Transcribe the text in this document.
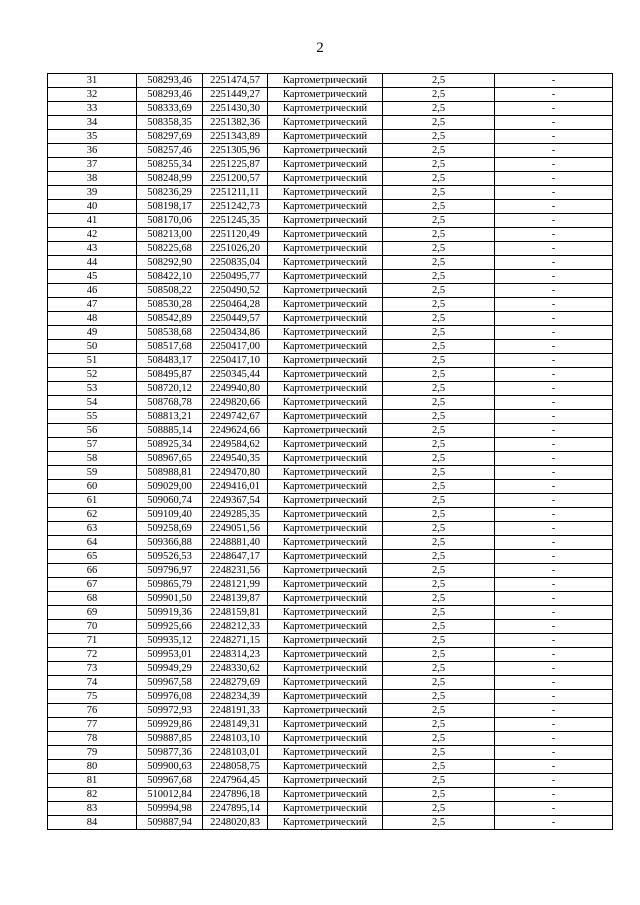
2
31	508293,46	2251474,57	Картометрический	2,5	-
32	508293,46	2251449,27	Картометрический	2,5	-
33	508333,69	2251430,30	Картометрический	2,5	-
34	508358,35	2251382,36	Картометрический	2,5	-
35	508297,69	2251343,89	Картометрический	2,5	-
36	508257,46	2251305,96	Картометрический	2,5	-
37	508255,34	2251225,87	Картометрический	2,5	-
38	508248,99	2251200,57	Картометрический	2,5	-
39	508236,29	2251211,11	Картометрический	2,5	-
40	508198,17	2251242,73	Картометрический	2,5	-
41	508170,06	2251245,35	Картометрический	2,5	-
42	508213,00	2251120,49	Картометрический	2,5	-
43	508225,68	2251026,20	Картометрический	2,5	-
44	508292,90	2250835,04	Картометрический	2,5	-
45	508422,10	2250495,77	Картометрический	2,5	-
46	508508,22	2250490,52	Картометрический	2,5	-
47	508530,28	2250464,28	Картометрический	2,5	-
48	508542,89	2250449,57	Картометрический	2,5	-
49	508538,68	2250434,86	Картометрический	2,5	-
50	508517,68	2250417,00	Картометрический	2,5	-
51	508483,17	2250417,10	Картометрический	2,5	-
52	508495,87	2250345,44	Картометрический	2,5	-
53	508720,12	2249940,80	Картометрический	2,5	-
54	508768,78	2249820,66	Картометрический	2,5	-
55	508813,21	2249742,67	Картометрический	2,5	-
56	508885,14	2249624,66	Картометрический	2,5	-
57	508925,34	2249584,62	Картометрический	2,5	-
58	508967,65	2249540,35	Картометрический	2,5	-
59	508988,81	2249470,80	Картометрический	2,5	-
60	509029,00	2249416,01	Картометрический	2,5	-
61	509060,74	2249367,54	Картометрический	2,5	-
62	509109,40	2249285,35	Картометрический	2,5	-
63	509258,69	2249051,56	Картометрический	2,5	-
64	509366,88	2248881,40	Картометрический	2,5	-
65	509526,53	2248647,17	Картометрический	2,5	-
66	509796,97	2248231,56	Картометрический	2,5	-
67	509865,79	2248121,99	Картометрический	2,5	-
68	509901,50	2248139,87	Картометрический	2,5	-
69	509919,36	2248159,81	Картометрический	2,5	-
70	509925,66	2248212,33	Картометрический	2,5	-
71	509935,12	2248271,15	Картометрический	2,5	-
72	509953,01	2248314,23	Картометрический	2,5	-
73	509949,29	2248330,62	Картометрический	2,5	-
74	509967,58	2248279,69	Картометрический	2,5	-
75	509976,08	2248234,39	Картометрический	2,5	-
76	509972,93	2248191,33	Картометрический	2,5	-
77	509929,86	2248149,31	Картометрический	2,5	-
78	509887,85	2248103,10	Картометрический	2,5	-
79	509877,36	2248103,01	Картометрический	2,5	-
80	509900,63	2248058,75	Картометрический	2,5	-
81	509967,68	2247964,45	Картометрический	2,5	-
82	510012,84	2247896,18	Картометрический	2,5	-
83	509994,98	2247895,14	Картометрический	2,5	-
84	509887,94	2248020,83	Картометрический	2,5	-
